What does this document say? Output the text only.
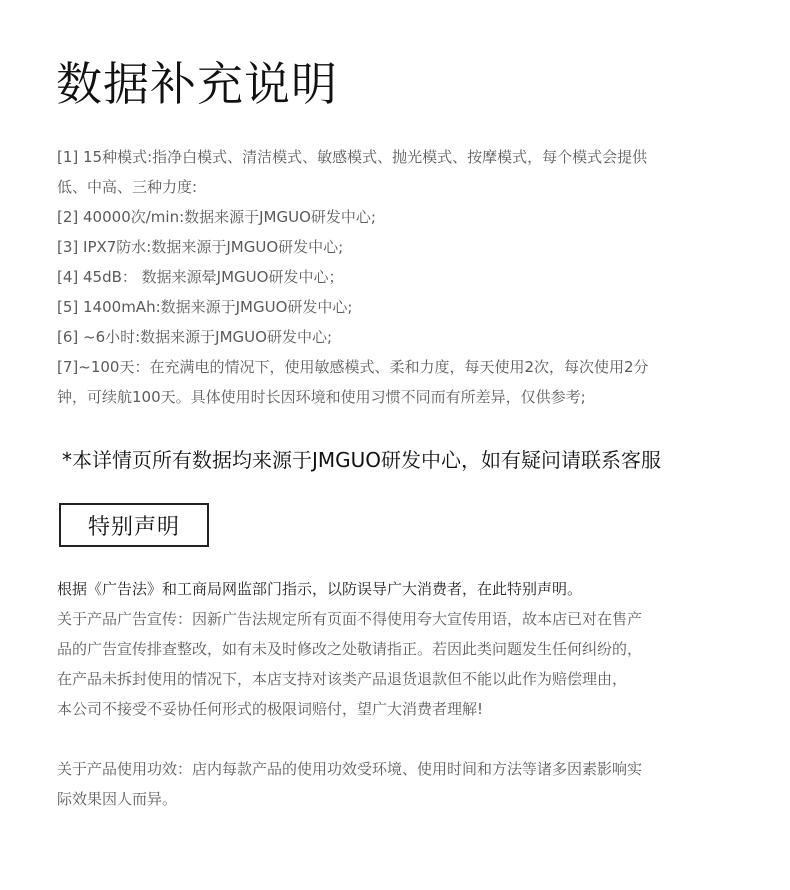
数据补充说明
[1] 15种模式:指净白模式、清洁模式、敏感模式、抛光模式、按摩模式，每个模式会提供
低、中高、三种力度:
[2] 40000次/min:数据来源于JMGUO研发中心;
[3] IPX7防水:数据来源于JMGUO研发中心;
[4] 45dB： 数据来源晕JMGUO研发中心；
[5] 1400mAh:数据来源于JMGUO研发中心;
[6] ~6小时:数据来源于JMGUO研发中心;
[7]~100天：在充满电的情况下，使用敏感模式、柔和力度，每天使用2次，每次使用2分
钟，可续航100天。具体使用时长因环境和使用习惯不同而有所差异，仅供参考;

*本详情页所有数据均来源于JMGUO研发中心，如有疑问请联系客服

特别声明

根据《广告法》和工商局网监部门指示，以防误导广大消费者，在此特别声明。

关于产品广告宣传：因新广告法规定所有页面不得使用夸大宣传用语，故本店已对在售产
品的广告宣传排查整改，如有未及时修改之处敬请指正。若因此类问题发生任何纠纷的，
在产品未拆封使用的情况下，本店支持对该类产品退货退款但不能以此作为赔偿理由，
本公司不接受不妥协任何形式的极限词赔付，望广大消费者理解!

关于产品使用功效：店内每款产品的使用功效受环境、使用时间和方法等诸多因素影响实
际效果因人而异。
